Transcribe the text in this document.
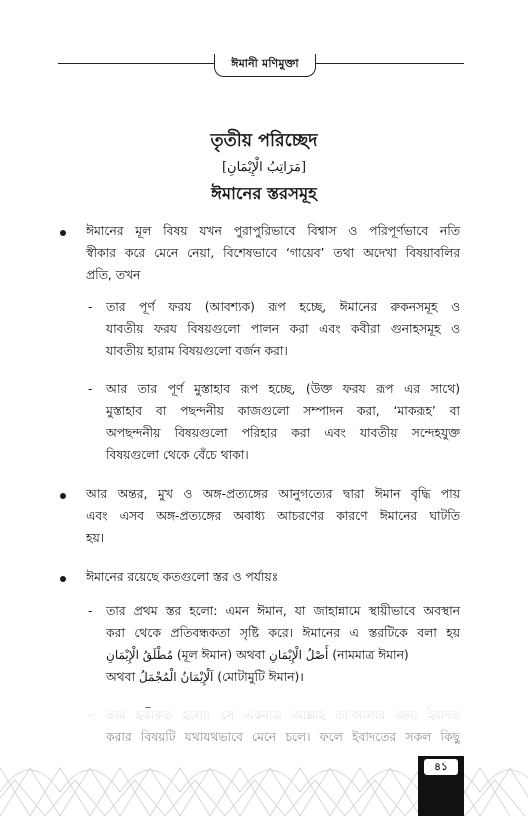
ঈমানী মণিমুক্তা
তৃতীয় পরিচ্ছেদ
[مَرَاتِبُ الْإِيْمَانِ]
ঈমানের স্তরসমূহ
ঈমানের মূল বিষয় যখন পুরাপুরিভাবে বিশ্বাস ও পরিপূর্ণভাবে নতি
স্বীকার করে মেনে নেয়া, বিশেষভাবে ‘গায়েব’ তথা অদেখা বিষয়াবলির
প্রতি, তখন
- তার পূর্ণ ফরয (আবশ্যক) রূপ হচ্ছে, ঈমানের রুকনসমূহ ও
যাবতীয় ফরয বিষয়গুলো পালন করা এবং কবীরা গুনাহসমূহ ও
যাবতীয় হারাম বিষয়গুলো বর্জন করা।
- আর তার পূর্ণ মুস্তাহাব রূপ হচ্ছে, (উক্ত ফরয রূপ এর সাথে)
মুস্তাহাব বা পছন্দনীয় কাজগুলো সম্পাদন করা, ‘মাকরূহ’ বা
অপছন্দনীয় বিষয়গুলো পরিহার করা এবং যাবতীয় সন্দেহযুক্ত
বিষয়গুলো থেকে বেঁচে থাকা।
আর অন্তর, মুখ ও অঙ্গ-প্রত্যঙ্গের আনুগত্যের দ্বারা ঈমান বৃদ্ধি পায়
এবং এসব অঙ্গ-প্রত্যঙ্গের অবাধ্য আচরণের কারণে ঈমানের ঘাটতি
হয়।
ঈমানের রয়েছে কতগুলো স্তর ও পর্যায়ঃ
- তার প্রথম স্তর হলো: এমন ঈমান, যা জাহান্নামে স্থায়ীভাবে অবস্থান
করা থেকে প্রতিবন্ধকতা সৃষ্টি করে। ঈমানের এ স্তরটিকে বলা হয়
مُطْلَقُ الْإِيْمَانِ (মূল ঈমান) অথবা أَصْلُ الْإِيْمَانِ (নামমাত্র ঈমান)
অথবা اَلْإِيْمَانُ الْمُجْمَلُ (মোটামুটি ঈমান)।
৪১
